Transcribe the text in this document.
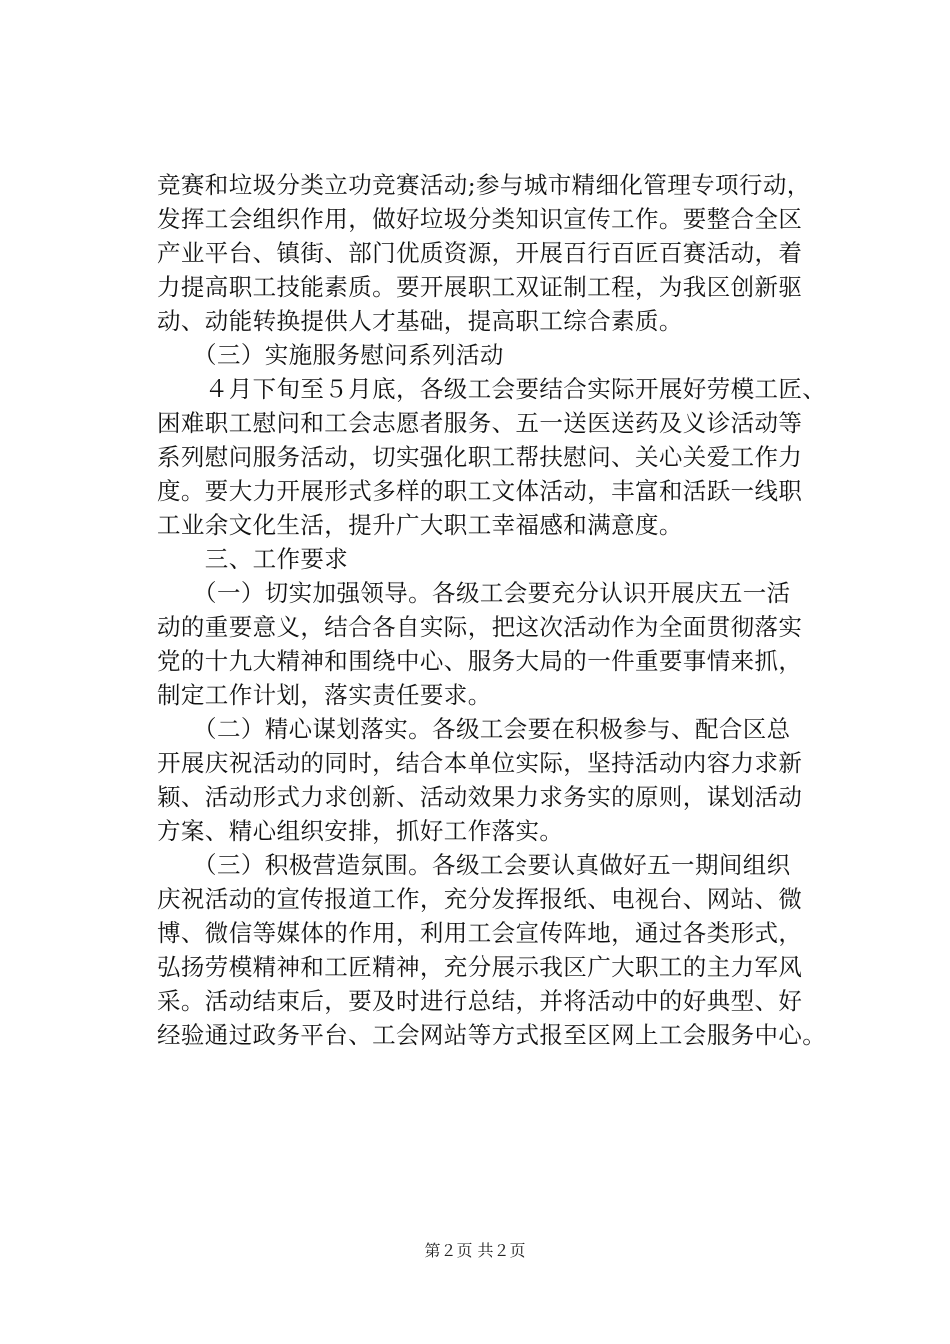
竞赛和垃圾分类立功竞赛活动;参与城市精细化管理专项行动，
发挥工会组织作用，做好垃圾分类知识宣传工作。要整合全区
产业平台、镇街、部门优质资源，开展百行百匠百赛活动，着
力提高职工技能素质。要开展职工双证制工程，为我区创新驱
动、动能转换提供人才基础，提高职工综合素质。
　　（三）实施服务慰问系列活动
　　４月下旬至５月底，各级工会要结合实际开展好劳模工匠、
困难职工慰问和工会志愿者服务、五一送医送药及义诊活动等
系列慰问服务活动，切实强化职工帮扶慰问、关心关爱工作力
度。要大力开展形式多样的职工文体活动，丰富和活跃一线职
工业余文化生活，提升广大职工幸福感和满意度。
　　三、工作要求
　　（一）切实加强领导。各级工会要充分认识开展庆五一活
动的重要意义，结合各自实际，把这次活动作为全面贯彻落实
党的十九大精神和围绕中心、服务大局的一件重要事情来抓，
制定工作计划，落实责任要求。
　　（二）精心谋划落实。各级工会要在积极参与、配合区总
开展庆祝活动的同时，结合本单位实际，坚持活动内容力求新
颖、活动形式力求创新、活动效果力求务实的原则，谋划活动
方案、精心组织安排，抓好工作落实。
　　（三）积极营造氛围。各级工会要认真做好五一期间组织
庆祝活动的宣传报道工作，充分发挥报纸、电视台、网站、微
博、微信等媒体的作用，利用工会宣传阵地，通过各类形式，
弘扬劳模精神和工匠精神，充分展示我区广大职工的主力军风
采。活动结束后，要及时进行总结，并将活动中的好典型、好
经验通过政务平台、工会网站等方式报至区网上工会服务中心。
第２页 共２页
